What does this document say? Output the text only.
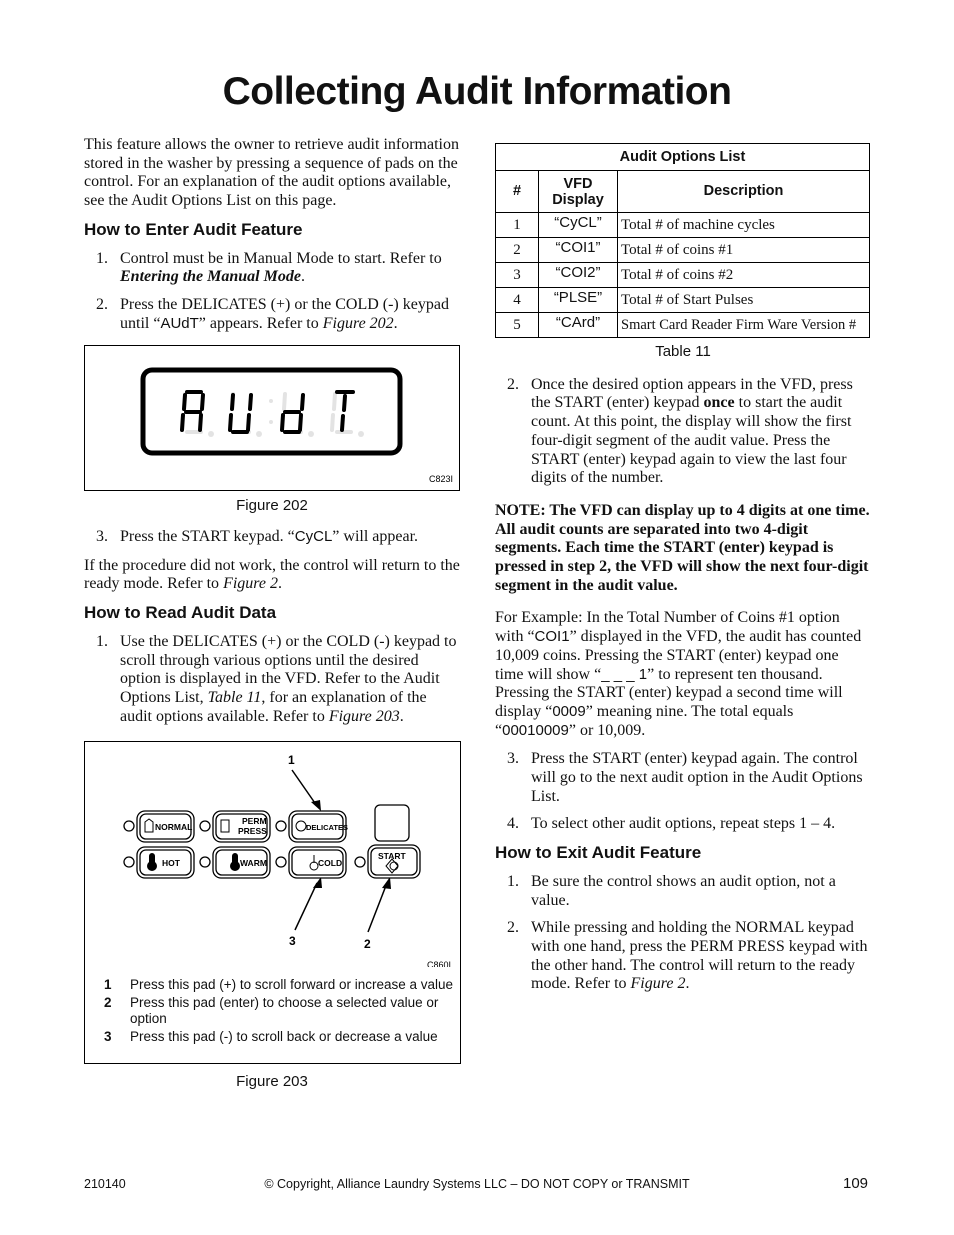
Collecting Audit Information

This feature allows the owner to retrieve audit information stored in the washer by pressing a sequence of pads on the control. For an explanation of the audit options available, see the Audit Options List on this page.

How to Enter Audit Feature
1. Control must be in Manual Mode to start. Refer to Entering the Manual Mode.
2. Press the DELICATES (+) or the COLD (-) keypad until “AUdT” appears. Refer to Figure 202.
C823I
Figure 202
3. Press the START keypad. “CyCL” will appear.

If the procedure did not work, the control will return to the ready mode. Refer to Figure 2.

How to Read Audit Data
1. Use the DELICATES (+) or the COLD (-) keypad to scroll through various options until the desired option is displayed in the VFD. Refer to the Audit Options List, Table 11, for an explanation of the audit options available. Refer to Figure 203.
1
3	2
NORMAL
PERM
PRESS	DELICATES
HOT	WARM	COLD
START
C860I
1	Press this pad (+) to scroll forward or increase a value
2	Press this pad (enter) to choose a selected value or option
3	Press this pad (-) to scroll back or decrease a value
Figure 203
Audit Options List		
#	VFD
Display	Description
1	“CyCL”	Total # of machine cycles
2	“COI1”	Total # of coins #1
3	“COI2”	Total # of coins #2
4	“PLSE”	Total # of Start Pulses
5	“CArd”	Smart Card Reader Firm Ware Version #
Table 11
2. Once the desired option appears in the VFD, press the START (enter) keypad once to start the audit count. At this point, the display will show the first four-digit segment of the audit value. Press the START (enter) keypad again to view the last four digits of the number.

NOTE: The VFD can display up to 4 digits at one time. All audit counts are separated into two 4-digit segments. Each time the START (enter) keypad is pressed in step 2, the VFD will show the next four-digit segment in the audit value.

For Example: In the Total Number of Coins #1 option with “COI1” displayed in the VFD, the audit has counted 10,009 coins. Pressing the START (enter) keypad one time will show “_ _ _ 1” to represent ten thousand. Pressing the START (enter) keypad a second time will display “0009” meaning nine. The total equals “00010009” or 10,009.

3. Press the START (enter) keypad again. The control will go to the next audit option in the Audit Options List.
4. To select other audit options, repeat steps 1 – 4.
How to Exit Audit Feature
1. Be sure the control shows an audit option, not a value.
2. While pressing and holding the NORMAL keypad with one hand, press the PERM PRESS keypad with the other hand. The control will return to the ready mode. Refer to Figure 2.
210140	© Copyright, Alliance Laundry Systems LLC – DO NOT COPY or TRANSMIT	109
